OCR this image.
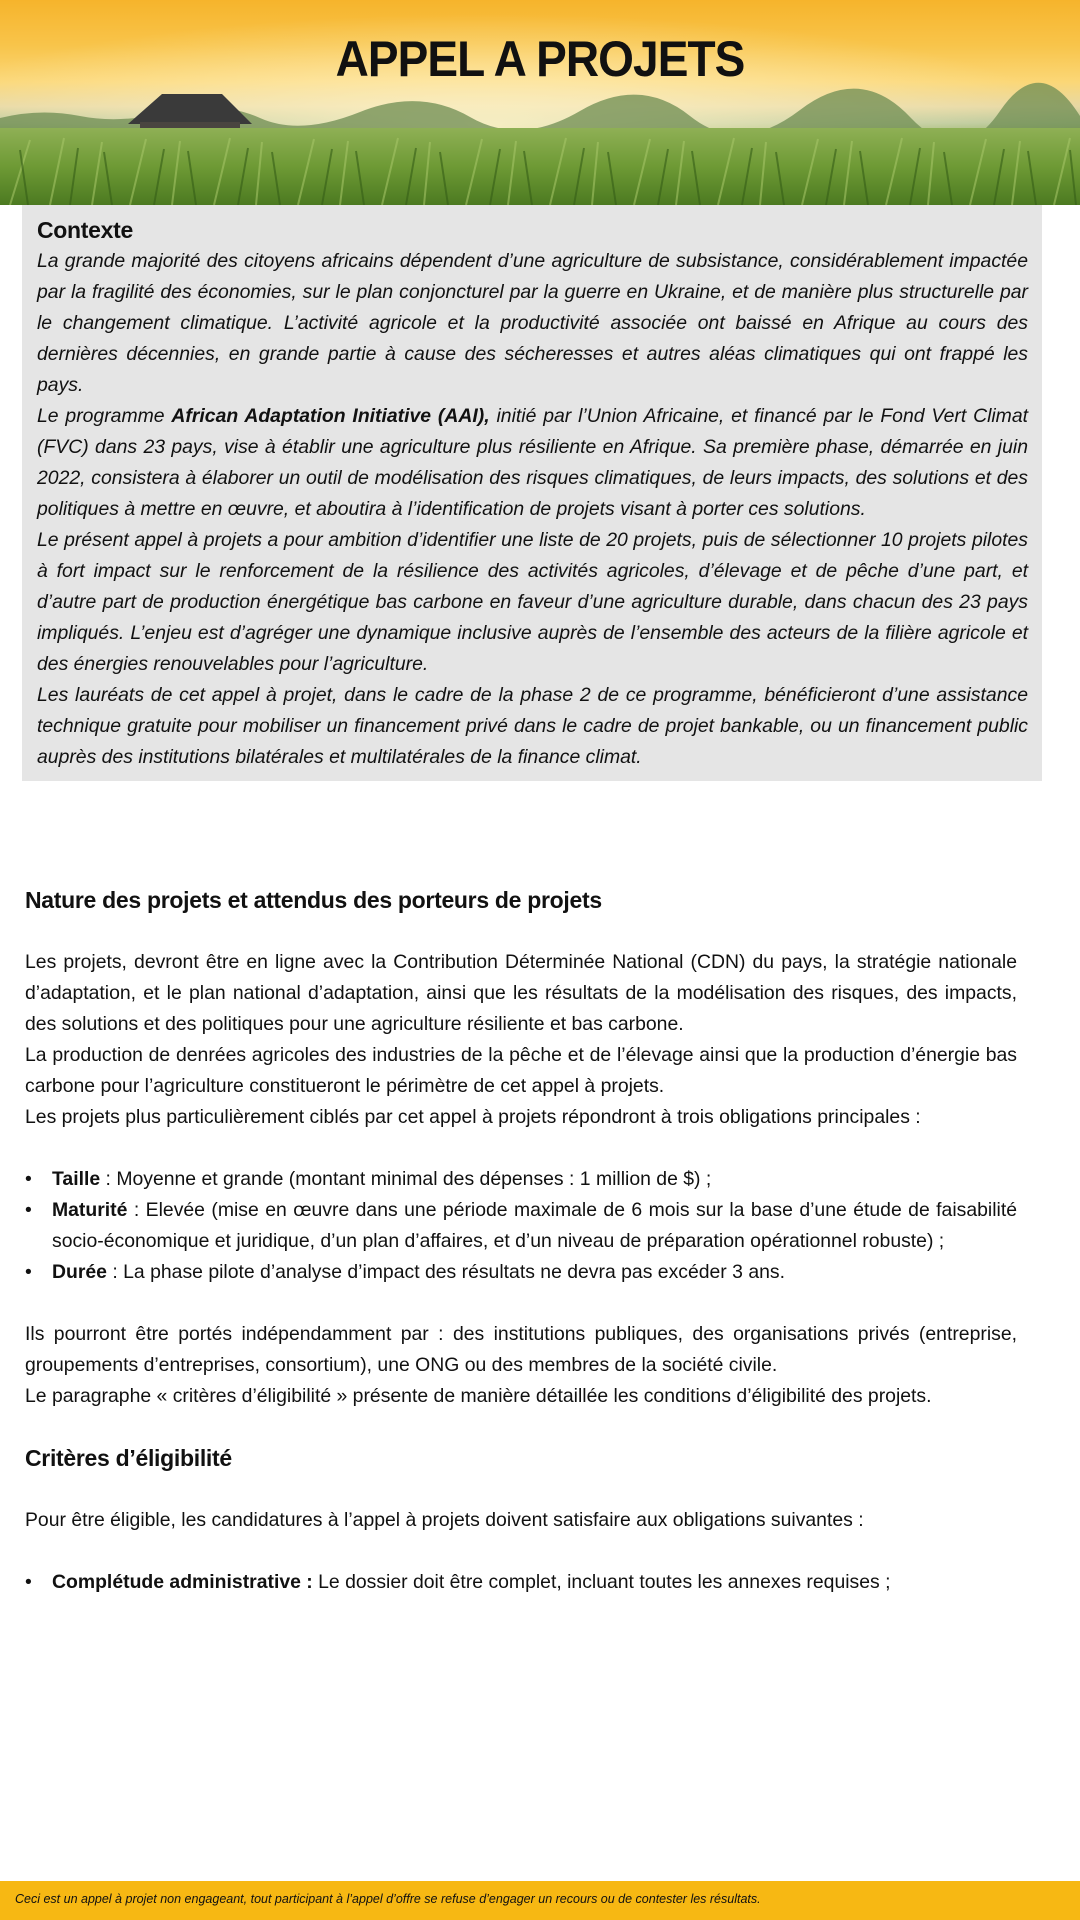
APPEL A PROJETS
Contexte

La grande majorité des citoyens africains dépendent d’une agriculture de subsistance, considérablement impactée par la fragilité des économies, sur le plan conjoncturel par la guerre en Ukraine, et de manière plus structurelle par le changement climatique. L’activité agricole et la productivité associée ont baissé en Afrique au cours des dernières décennies, en grande partie à cause des sécheresses et autres aléas climatiques qui ont frappé les pays.

Le programme African Adaptation Initiative (AAI), initié par l’Union Africaine, et financé par le Fond Vert Climat (FVC) dans 23 pays, vise à établir une agriculture plus résiliente en Afrique. Sa première phase, démarrée en juin 2022, consistera à élaborer un outil de modélisation des risques climatiques, de leurs impacts, des solutions et des politiques à mettre en œuvre, et aboutira à l’identification de projets visant à porter ces solutions.

Le présent appel à projets a pour ambition d’identifier une liste de 20 projets, puis de sélectionner 10 projets pilotes à fort impact sur le renforcement de la résilience des activités agricoles, d’élevage et de pêche d’une part, et d’autre part de production énergétique bas carbone en faveur d’une agriculture durable, dans chacun des 23 pays impliqués. L’enjeu est d’agréger une dynamique inclusive auprès de l’ensemble des acteurs de la filière agricole et des énergies renouvelables pour l’agriculture.

Les lauréats de cet appel à projet, dans le cadre de la phase 2 de ce programme, bénéficieront d’une assistance technique gratuite pour mobiliser un financement privé dans le cadre de projet bankable, ou un financement public auprès des institutions bilatérales et multilatérales de la finance climat.

Nature des projets et attendus des porteurs de projets

Les projets, devront être en ligne avec la Contribution Déterminée National (CDN) du pays, la stratégie nationale d’adaptation, et le plan national d’adaptation, ainsi que les résultats de la modélisation des risques, des impacts, des solutions et des politiques pour une agriculture résiliente et bas carbone.

La production de denrées agricoles des industries de la pêche et de l’élevage ainsi que la production d’énergie bas carbone pour l’agriculture constitueront le périmètre de cet appel à projets.

Les projets plus particulièrement ciblés par cet appel à projets répondront à trois obligations principales :

• Taille : Moyenne et grande (montant minimal des dépenses : 1 million de $) ;
• Maturité : Elevée (mise en œuvre dans une période maximale de 6 mois sur la base d’une étude de faisabilité socio-économique et juridique, d’un plan d’affaires, et d’un niveau de préparation opérationnel robuste) ;
• Durée : La phase pilote d’analyse d’impact des résultats ne devra pas excéder 3 ans.

Ils pourront être portés indépendamment par : des institutions publiques, des organisations privés (entreprise, groupements d’entreprises, consortium), une ONG ou des membres de la société civile.

Le paragraphe « critères d’éligibilité » présente de manière détaillée les conditions d’éligibilité des projets.

Critères d’éligibilité

Pour être éligible, les candidatures à l’appel à projets doivent satisfaire aux obligations suivantes :

• Complétude administrative : Le dossier doit être complet, incluant toutes les annexes requises ;
Ceci est un appel à projet non engageant, tout participant à l’appel d’offre se refuse d’engager un recours ou de contester les résultats.
